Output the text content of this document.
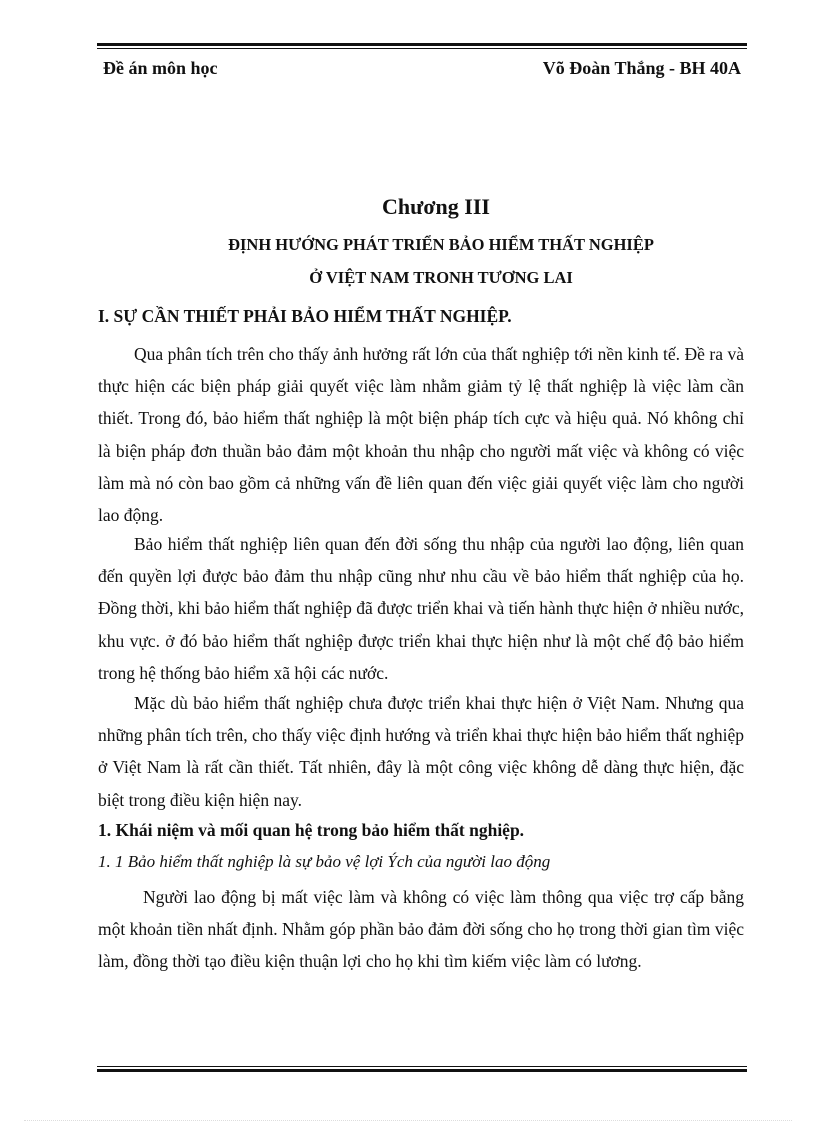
Đề án môn học	Võ Đoàn Thắng - BH 40A
Chương III
ĐỊNH HƯỚNG PHÁT TRIỂN BẢO HIỂM THẤT NGHIỆP
Ở VIỆT NAM TRONH TƯƠNG LAI
I. SỰ CẦN THIẾT PHẢI BẢO HIỂM THẤT NGHIỆP.

Qua phân tích trên cho thấy ảnh hưởng rất lớn của thất nghiệp tới nền kinh tế. Đề ra và thực hiện các biện pháp giải quyết việc làm nhằm giảm tỷ lệ thất nghiệp là việc làm cần thiết. Trong đó, bảo hiểm thất nghiệp là một biện pháp tích cực và hiệu quả. Nó không chỉ là biện pháp đơn thuần bảo đảm một khoản thu nhập cho người mất việc và không có việc làm mà nó còn bao gồm cả những vấn đề liên quan đến việc giải quyết việc làm cho người lao động.

Bảo hiểm thất nghiệp liên quan đến đời sống thu nhập của người lao động, liên quan đến quyền lợi được bảo đảm thu nhập cũng như nhu cầu về bảo hiểm thất nghiệp của họ. Đồng thời, khi bảo hiểm thất nghiệp đã được triển khai và tiến hành thực hiện ở nhiều nước, khu vực. ở đó bảo hiểm thất nghiệp được triển khai thực hiện như là một chế độ bảo hiểm trong hệ thống bảo hiểm xã hội các nước.

Mặc dù bảo hiểm thất nghiệp chưa được triển khai thực hiện ở Việt Nam. Nhưng qua những phân tích trên, cho thấy việc định hướng và triển khai thực hiện bảo hiểm thất nghiệp ở Việt Nam là rất cần thiết. Tất nhiên, đây là một công việc không dễ dàng thực hiện, đặc biệt trong điều kiện hiện nay.

1. Khái niệm và mối quan hệ trong bảo hiểm thất nghiệp.
1. 1 Bảo hiểm thất nghiệp là sự bảo vệ lợi Ých của người lao động

Người lao động bị mất việc làm và không có việc làm thông qua việc trợ cấp bằng một khoản tiền nhất định. Nhằm góp phần bảo đảm đời sống cho họ trong thời gian tìm việc làm, đồng thời tạo điều kiện thuận lợi cho họ khi tìm kiếm việc làm có lương.
